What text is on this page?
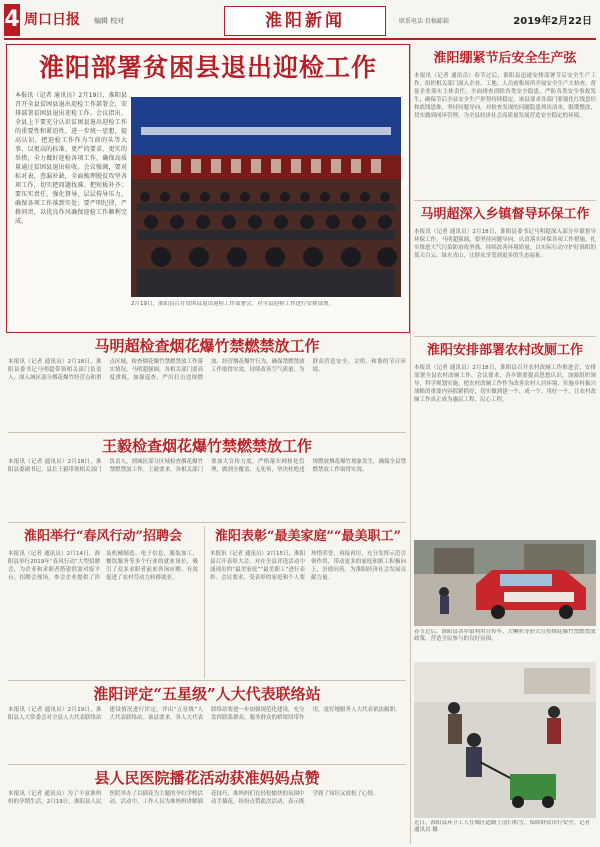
4 周口日报 编辑 校对	淮阳新闻	联系电话 投稿邮箱	2019年2月22日
淮阳部署贫困县退出迎检工作
本报讯（记者 通讯员）2月19日，淮阳县召开全县贫困县退出迎检工作部署会，安排部署贫困县退出迎检工作。会议指出，全县上下要充分认识贫困县退出迎检工作的重要性和紧迫性，进一步统一思想，提高认识，把迎检工作作为当前的头等大事，以更高的标准、更严的要求、更实的举措，全力做好迎检各项工作，确保高质量通过贫困县退出验收。会议强调，要对标对表，查漏补缺，全面梳理脱贫攻坚各项工作，切实把问题找准、把短板补齐；要压实责任，强化督导，层层传导压力，确保各项工作落到实处；要严明纪律，严格问责，以优良作风确保迎检工作顺利完成。
2月19日，淮阳县召开贫困县退出迎检工作部署会，对全县迎检工作进行安排部署。
淮阳绷紧节后安全生产弦
本报讯（记者 通讯员）春节过后，淮阳县迅速安排部署节后安全生产工作，组织相关部门深入企业、工地、人员密集场所开展安全生产大检查，督促企业落实主体责任，全面排查消除各类安全隐患，严防各类安全事故发生，确保节后全县安全生产形势持续稳定。该县要求各部门要强化红线意识和底线思维，坚持问题导向，对检查发现的问题隐患列出清单，限期整改，切实做到闭环管理，为全县经济社会高质量发展营造安全稳定的环境。
马明超深入乡镇督导环保工作
本报讯（记者 通讯员）2月18日，淮阳县委书记马明超深入部分乡镇督导环保工作。马明超强调，要坚持问题导向，认真落实环保各项工作措施，扎实推进大气污染防治攻坚战，持续改善环境质量，以实际行动守护好淮阳的蓝天白云、绿水青山，让群众享受到更多的生态福祉。
淮阳安排部署农村改厕工作
本报讯（记者 通讯员）2月18日，淮阳县召开农村改厕工作推进会，安排部署全县农村改厕工作。会议要求，各乡镇要提高思想认识，加强组织领导，科学规划实施，把农村改厕工作作为改善农村人居环境、实施乡村振兴战略的重要内容抓紧抓好，切实做到建一个、成一个、用好一个，让农村改厕工作真正成为惠民工程、民心工程。
春节过后，淮阳县各乡镇利用宣传车、大喇叭等形式宣传烟花爆竹禁燃禁放政策，营造全民参与的良好氛围。
近日，淮阳县环卫工人在城区道路上清扫积雪，保障群众出行安全。记者 通讯员 摄
马明超检查烟花爆竹禁燃禁放工作
本报讯（记者 通讯员）2月18日，淮阳县委书记马明超带领相关部门负责人，深入城区部分烟花爆竹经营点和重点区域，检查烟花爆竹禁燃禁放工作落实情况。马明超强调，各相关部门要高度重视，加强巡查，严厉打击违规燃放、经营烟花爆竹行为，确保禁燃禁放工作取得实效，持续改善空气质量，为群众营造安全、文明、和谐的节日环境。
王毅检查烟花爆竹禁燃禁放工作
本报讯（记者 通讯员）2月18日，淮阳县委副书记、县长王毅带领相关部门负责人，到城区部分区域检查烟花爆竹禁燃禁放工作。王毅要求，各相关部门要加大宣传力度，严格落实网格化管理，做到全覆盖、无死角，坚决杜绝违规燃放烟花爆竹现象发生，确保全县禁燃禁放工作取得实效。
淮阳举行“春风行动”招聘会
本报讯（记者 通讯员）2月14日，淮阳县举行2019年“春风行动”大型招聘会，为企业和求职者搭建供需对接平台。招聘会现场，参会企业提供了涉及机械制造、电子信息、服装加工、餐饮服务等多个行业的就业岗位，吸引了众多求职者前来咨询应聘，有效促进了农村劳动力转移就业。
淮阳表彰“最美家庭”“最美职工”
本报讯（记者 通讯员）2月15日，淮阳县召开表彰大会，对在全县评选活动中涌现出的“最美家庭”“最美职工”进行表彰。会议要求，受表彰的家庭和个人要珍惜荣誉，再接再厉，充分发挥示范引领作用，带动更多的家庭和职工积极向上，崇德向善，为淮阳经济社会发展贡献力量。
淮阳评定“五星级”人大代表联络站
本报讯（记者 通讯员）2月19日，淮阳县人大常委会对全县人大代表联络站建设情况进行评定，评出“五星级”人大代表联络站。该县要求，各人大代表联络站要进一步加强规范化建设，充分发挥联系群众、服务群众的桥梁纽带作用，更好地服务人大代表依法履职。
县人民医院播花活动获准妈妈点赞
本报讯（记者 通讯员）为了丰富准妈妈的孕期生活，2月19日，淮阳县人民医院举办了以插花为主题的孕妇学校活动。活动中，工作人员为准妈妈讲解插花技巧，准妈妈们在轻松愉快的氛围中动手插花，纷纷点赞此次活动，表示既学到了知识又放松了心情。
